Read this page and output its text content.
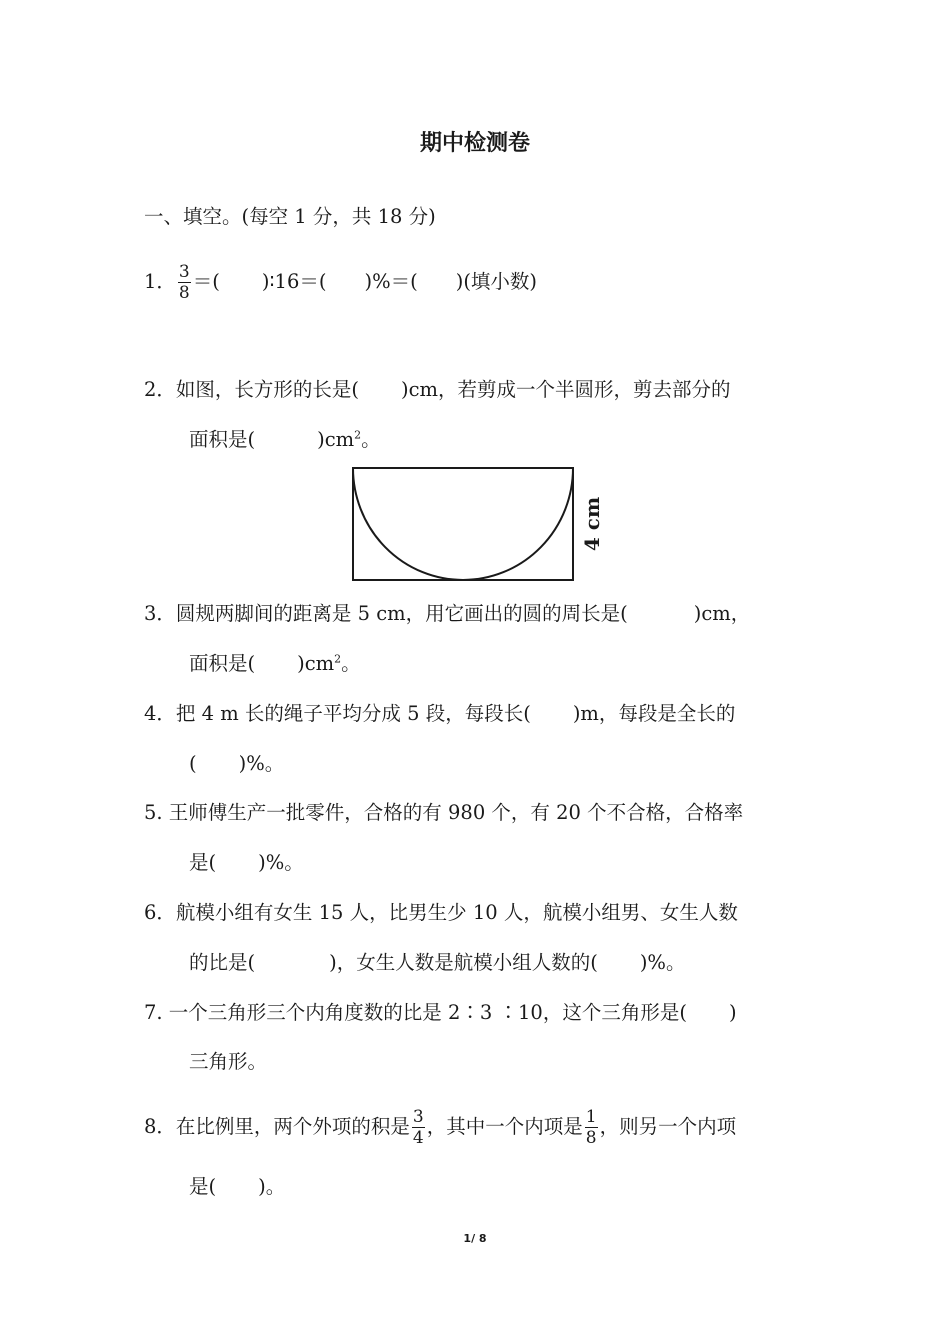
期中检测卷
一、填空。(每空 1 分，共 18 分)
1． $\frac{3}{8}$ ＝( )∶16＝( )%＝( )(填小数)
2．如图，长方形的长是( )cm，若剪成一个半圆形，剪去部分的
面积是(	)$cm^2$。
4 cm
3．圆规两脚间的距离是 5 cm，用它画出的圆的周长是(	)cm，
面积是( )$cm^2$。
4．把 4 m 长的绳子平均分成 5 段，每段长( )m，每段是全长的
( )%。
5. 王师傅生产一批零件，合格的有 980 个，有 20 个不合格，合格率
是( )%。
6．航模小组有女生 15 人，比男生少 10 人，航模小组男、女生人数
的比是(	)，女生人数是航模小组人数的( )%。
7. 一个三角形三个内角度数的比是 2∶3 ∶10，这个三角形是( )
三角形。
8．在比例里，两个外项的积是 $\frac{3}{4}$ ，其中一个内项是 $\frac{1}{8}$ ，则另一个内项
是( )。
1/ 8
